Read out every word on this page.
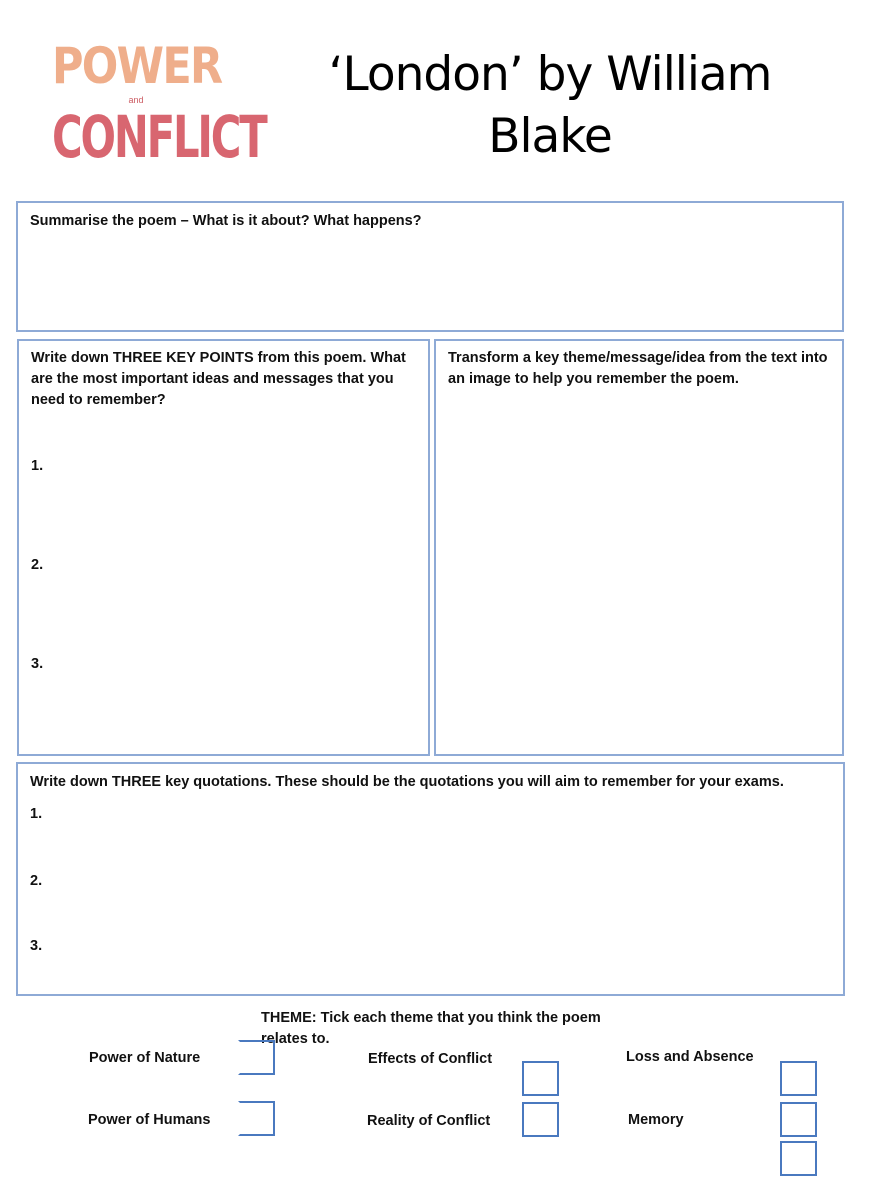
POWER
and
CONFLICT
‘London’ by William Blake
Summarise the poem – What is it about? What happens?
Write down THREE KEY POINTS from this poem. What are the most important ideas and messages that you need to remember?
1.
2.
3.
Transform a key theme/message/idea from the text into an image to help you remember the poem.
Write down THREE key quotations. These should be the quotations you will aim to remember for your exams.
1.
2.
3.
THEME: Tick each theme that you think the poem relates to.
Power of Nature
Power of Humans
Effects of Conflict
Reality of Conflict
Loss and Absence
Memory
